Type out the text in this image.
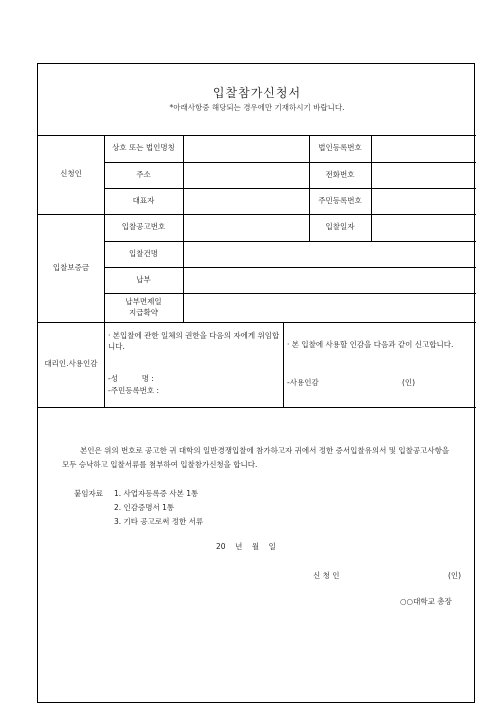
입찰참가신청서
*아래사항중 해당되는 경우에만 기재하시기 바랍니다.
신청인
상호 또는 법인명칭	법인등록번호
주소	전화번호
대표자	주민등록번호
입찰보증금
입찰공고번호	입찰일자
입찰건명
납부
납부면제일
지급확약
대리인.사용인감
· 본입찰에 관한 일체의 권한을 다음의 자에게 위임합니다.
-성          명 :
-주민등록번호 :
· 본 입찰에 사용할 인감을 다음과 같이 신고합니다.
-사용인감	(인)
본인은 위의 번호로 공고한 귀 대학의 일반경쟁입찰에 참가하고자 귀에서 정한 증서입찰유의서 및 입찰공고사항을 모두 승낙하고 입찰서류를 첨부하여 입찰참가신청을 합니다.
붙임자료 1. 사업자등록증 사본 1통
2. 인감증명서 1통
3. 기타 공고로써 정한 서류
20    년    월    일
신 청 인	(인)
○○대학교 총장
